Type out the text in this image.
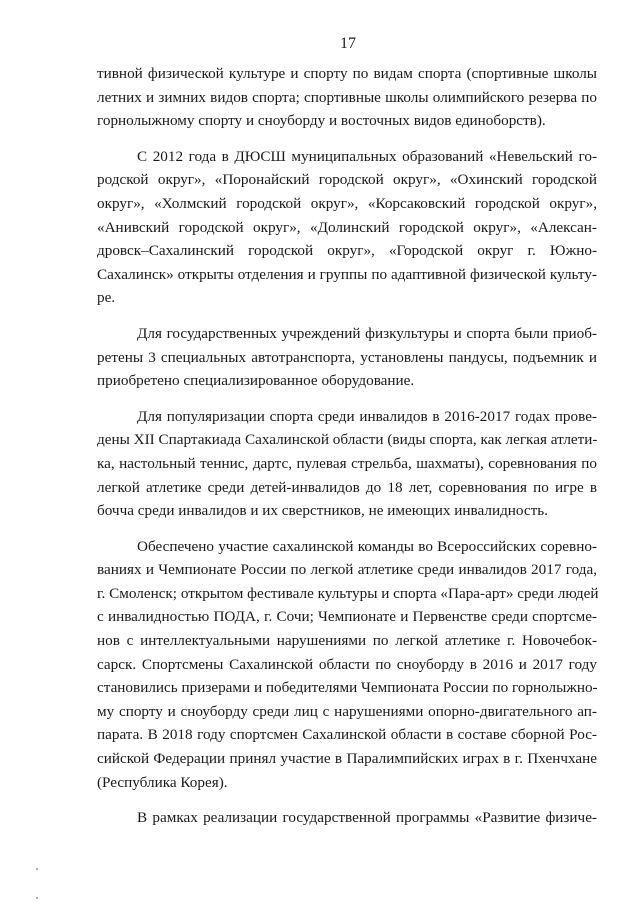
17
тивной физической культуре и спорту по видам спорта (спортивные школы
летних и зимних видов спорта; спортивные школы олимпийского резерва по
горнолыжному спорту и сноуборду и восточных видов единоборств).
С 2012 года в ДЮСШ муниципальных образований «Невельский го-
родской округ», «Поронайский городской округ», «Охинский городской
округ», «Холмский городской округ», «Корсаковский городской округ»,
«Анивский городской округ», «Долинский городской округ», «Алексан-
дровск–Сахалинский городской округ», «Городской округ г. Южно-
Сахалинск» открыты отделения и группы по адаптивной физической культу-
ре.
Для государственных учреждений физкультуры и спорта были приоб-
ретены 3 специальных автотранспорта, установлены пандусы, подъемник и
приобретено специализированное оборудование.
Для популяризации спорта среди инвалидов в 2016-2017 годах прове-
дены XII Спартакиада Сахалинской области (виды спорта, как легкая атлети-
ка, настольный теннис, дартс, пулевая стрельба, шахматы), соревнования по
легкой атлетике среди детей-инвалидов до 18 лет, соревнования по игре в
бочча среди инвалидов и их сверстников, не имеющих инвалидность.
Обеспечено участие сахалинской команды во Всероссийских соревно-
ваниях и Чемпионате России по легкой атлетике среди инвалидов 2017 года,
г. Смоленск; открытом фестивале культуры и спорта «Пара-арт» среди людей
с инвалидностью ПОДА, г. Сочи; Чемпионате и Первенстве среди спортсме-
нов с интеллектуальными нарушениями по легкой атлетике г. Новочебок-
сарск. Спортсмены Сахалинской области по сноуборду в 2016 и 2017 году
становились призерами и победителями Чемпионата России по горнолыжно-
му спорту и сноуборду среди лиц с нарушениями опорно-двигательного ап-
парата. В 2018 году спортсмен Сахалинской области в составе сборной Рос-
сийской Федерации принял участие в Паралимпийских играх в г. Пхенчхане
(Республика Корея).
В рамках реализации государственной программы «Развитие физиче-
